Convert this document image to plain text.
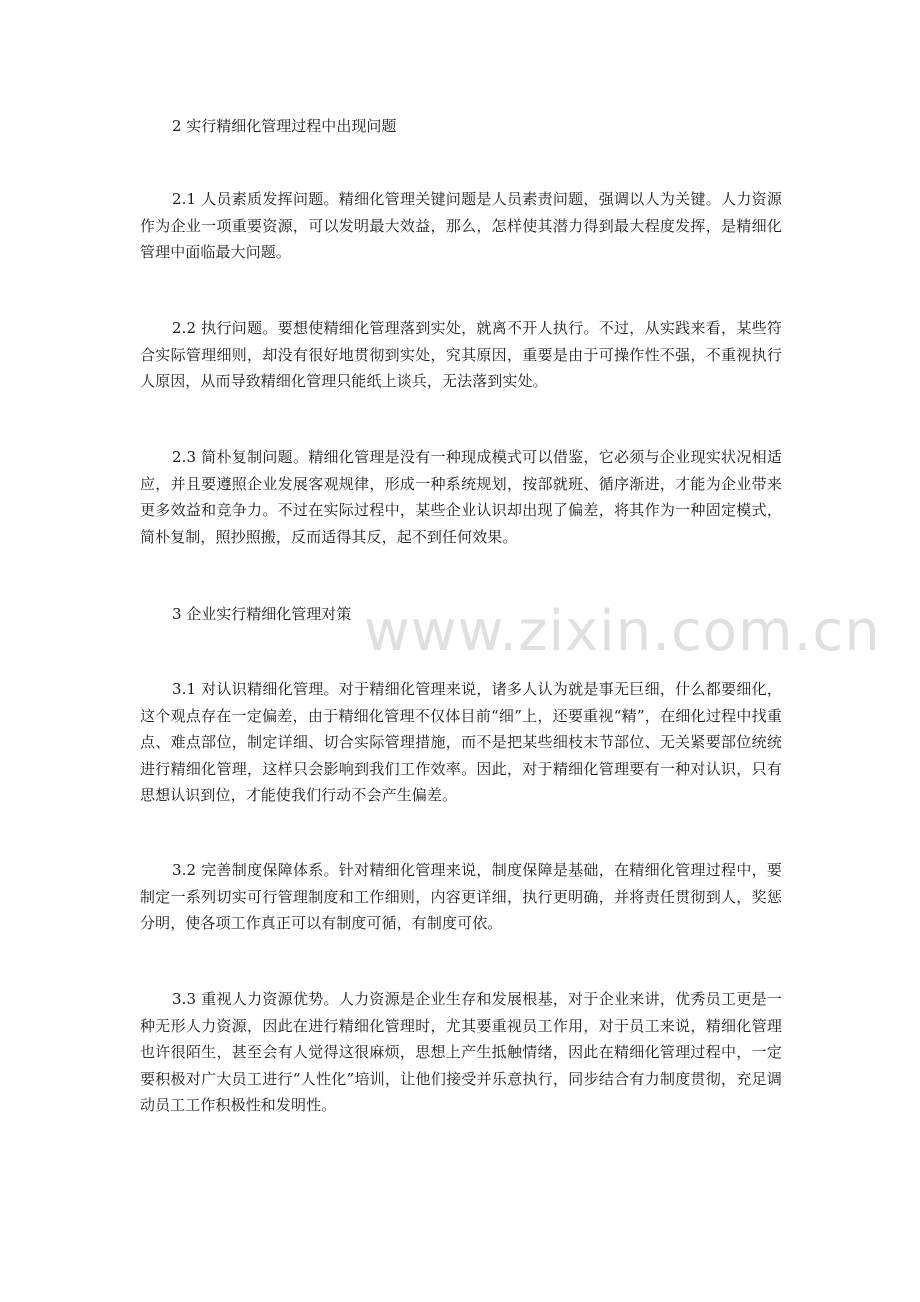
2 实行精细化管理过程中出现问题

2.1 人员素质发挥问题。精细化管理关键问题是人员素责问题，强调以人为关键。人力资源作为企业一项重要资源，可以发明最大效益，那么，怎样使其潜力得到最大程度发挥，是精细化管理中面临最大问题。

2.2 执行问题。要想使精细化管理落到实处，就离不开人执行。不过，从实践来看，某些符合实际管理细则，却没有很好地贯彻到实处，究其原因，重要是由于可操作性不强，不重视执行人原因，从而导致精细化管理只能纸上谈兵，无法落到实处。

2.3 简朴复制问题。精细化管理是没有一种现成模式可以借鉴，它必须与企业现实状况相适应，并且要遵照企业发展客观规律，形成一种系统规划，按部就班、循序渐进，才能为企业带来更多效益和竞争力。不过在实际过程中，某些企业认识却出现了偏差，将其作为一种固定模式，简朴复制，照抄照搬，反而适得其反，起不到任何效果。

3 企业实行精细化管理对策

3.1 对认识精细化管理。对于精细化管理来说，诸多人认为就是事无巨细，什么都要细化，这个观点存在一定偏差，由于精细化管理不仅体目前“细”上，还要重视“精”，在细化过程中找重点、难点部位，制定详细、切合实际管理措施，而不是把某些细枝末节部位、无关紧要部位统统进行精细化管理，这样只会影响到我们工作效率。因此，对于精细化管理要有一种对认识，只有思想认识到位，才能使我们行动不会产生偏差。

3.2 完善制度保障体系。针对精细化管理来说，制度保障是基础，在精细化管理过程中，要制定一系列切实可行管理制度和工作细则，内容更详细，执行更明确，并将责任贯彻到人，奖惩分明，使各项工作真正可以有制度可循，有制度可依。

3.3 重视人力资源优势。人力资源是企业生存和发展根基，对于企业来讲，优秀员工更是一种无形人力资源，因此在进行精细化管理时，尤其要重视员工作用，对于员工来说，精细化管理也许很陌生，甚至会有人觉得这很麻烦，思想上产生抵触情绪，因此在精细化管理过程中，一定要积极对广大员工进行“人性化”培训，让他们接受并乐意执行，同步结合有力制度贯彻，充足调动员工工作积极性和发明性。

www.zixin.com.cn
